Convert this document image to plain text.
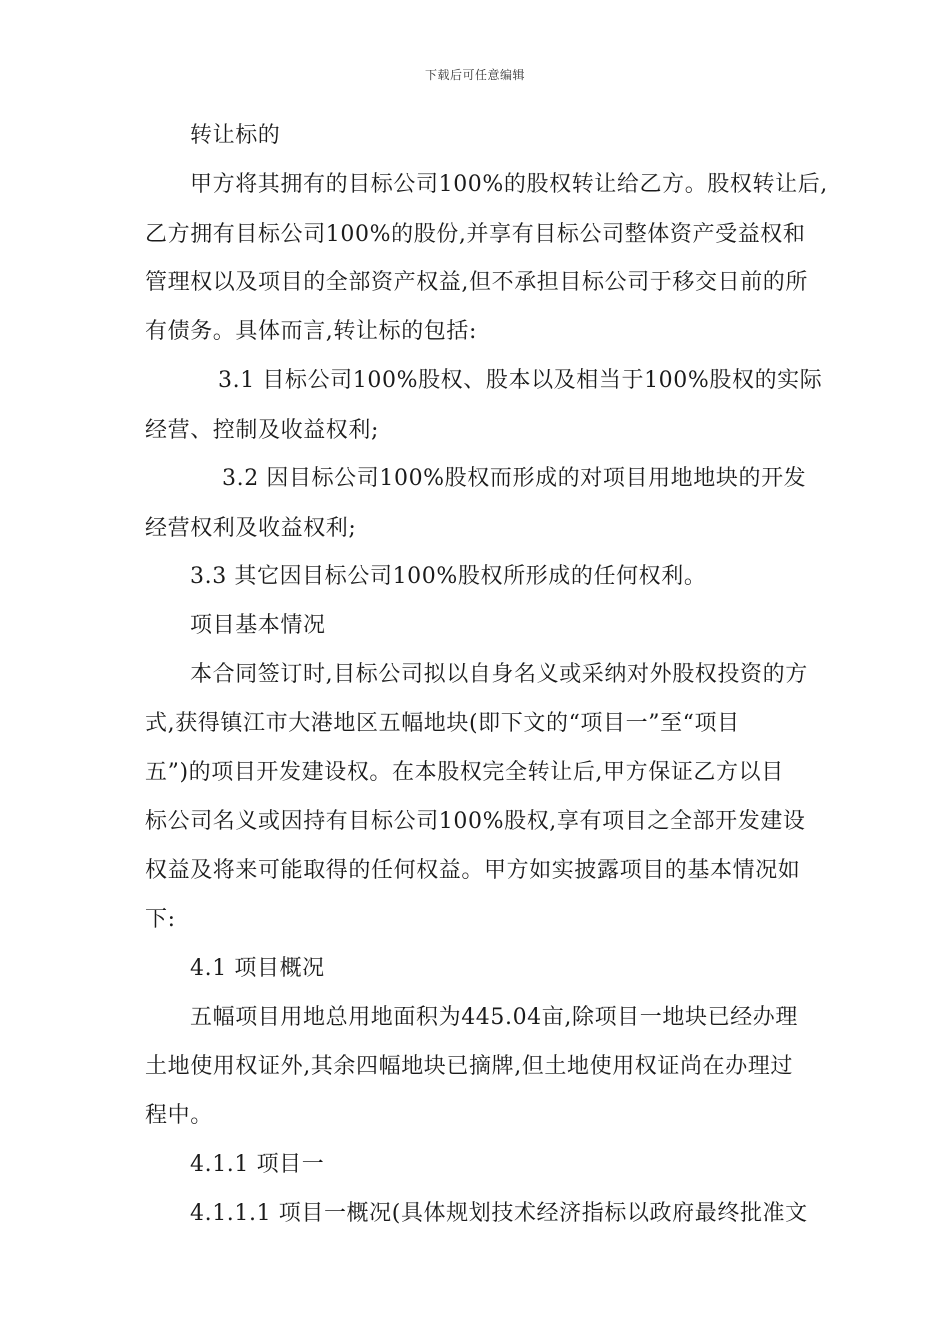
下载后可任意编辑
转让标的
甲方将其拥有的目标公司100%的股权转让给乙方。股权转让后,
乙方拥有目标公司100%的股份,并享有目标公司整体资产受益权和
管理权以及项目的全部资产权益,但不承担目标公司于移交日前的所
有债务。具体而言,转让标的包括:
3.1 目标公司100%股权、股本以及相当于100%股权的实际
经营、控制及收益权利;
3.2 因目标公司100%股权而形成的对项目用地地块的开发
经营权利及收益权利;
3.3 其它因目标公司100%股权所形成的任何权利。
项目基本情况
本合同签订时,目标公司拟以自身名义或采纳对外股权投资的方
式,获得镇江市大港地区五幅地块(即下文的“项目一”至“项目
五”)的项目开发建设权。在本股权完全转让后,甲方保证乙方以目
标公司名义或因持有目标公司100%股权,享有项目之全部开发建设
权益及将来可能取得的任何权益。甲方如实披露项目的基本情况如
下:
4.1 项目概况
五幅项目用地总用地面积为445.04亩,除项目一地块已经办理
土地使用权证外,其余四幅地块已摘牌,但土地使用权证尚在办理过
程中。
4.1.1 项目一
4.1.1.1 项目一概况(具体规划技术经济指标以政府最终批准文
